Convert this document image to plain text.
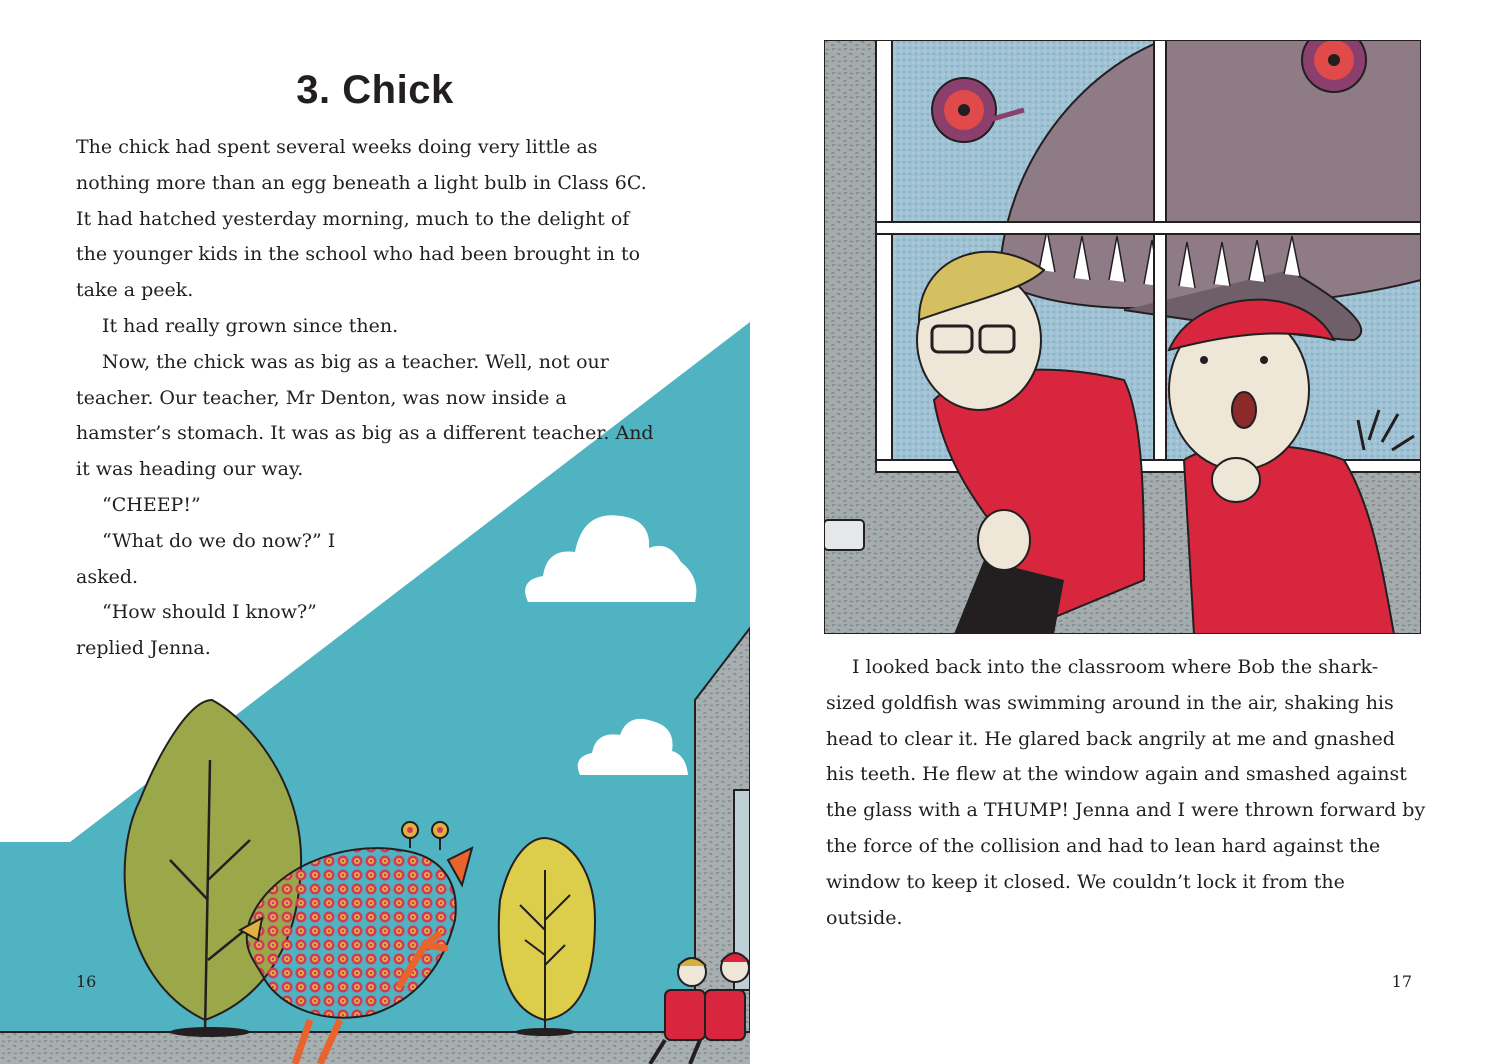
3. Chick

The chick had spent several weeks doing very little as nothing more than an egg beneath a light bulb in Class 6C. It had hatched yesterday morning, much to the delight of the younger kids in the school who had been brought in to take a peek.

It had really grown since then.

Now, the chick was as big as a teacher. Well, not our teacher. Our teacher, Mr Denton, was now inside a hamster’s stomach. It was as big as a different teacher. And it was heading our way.

“CHEEP!”

“What do we do now?” I asked.

“How should I know?” replied Jenna.

16

I looked back into the classroom where Bob the shark-sized goldfish was swimming around in the air, shaking his head to clear it. He glared back angrily at me and gnashed his teeth. He flew at the window again and smashed against the glass with a THUMP! Jenna and I were thrown forward by the force of the collision and had to lean hard against the window to keep it closed. We couldn’t lock it from the outside.

17
